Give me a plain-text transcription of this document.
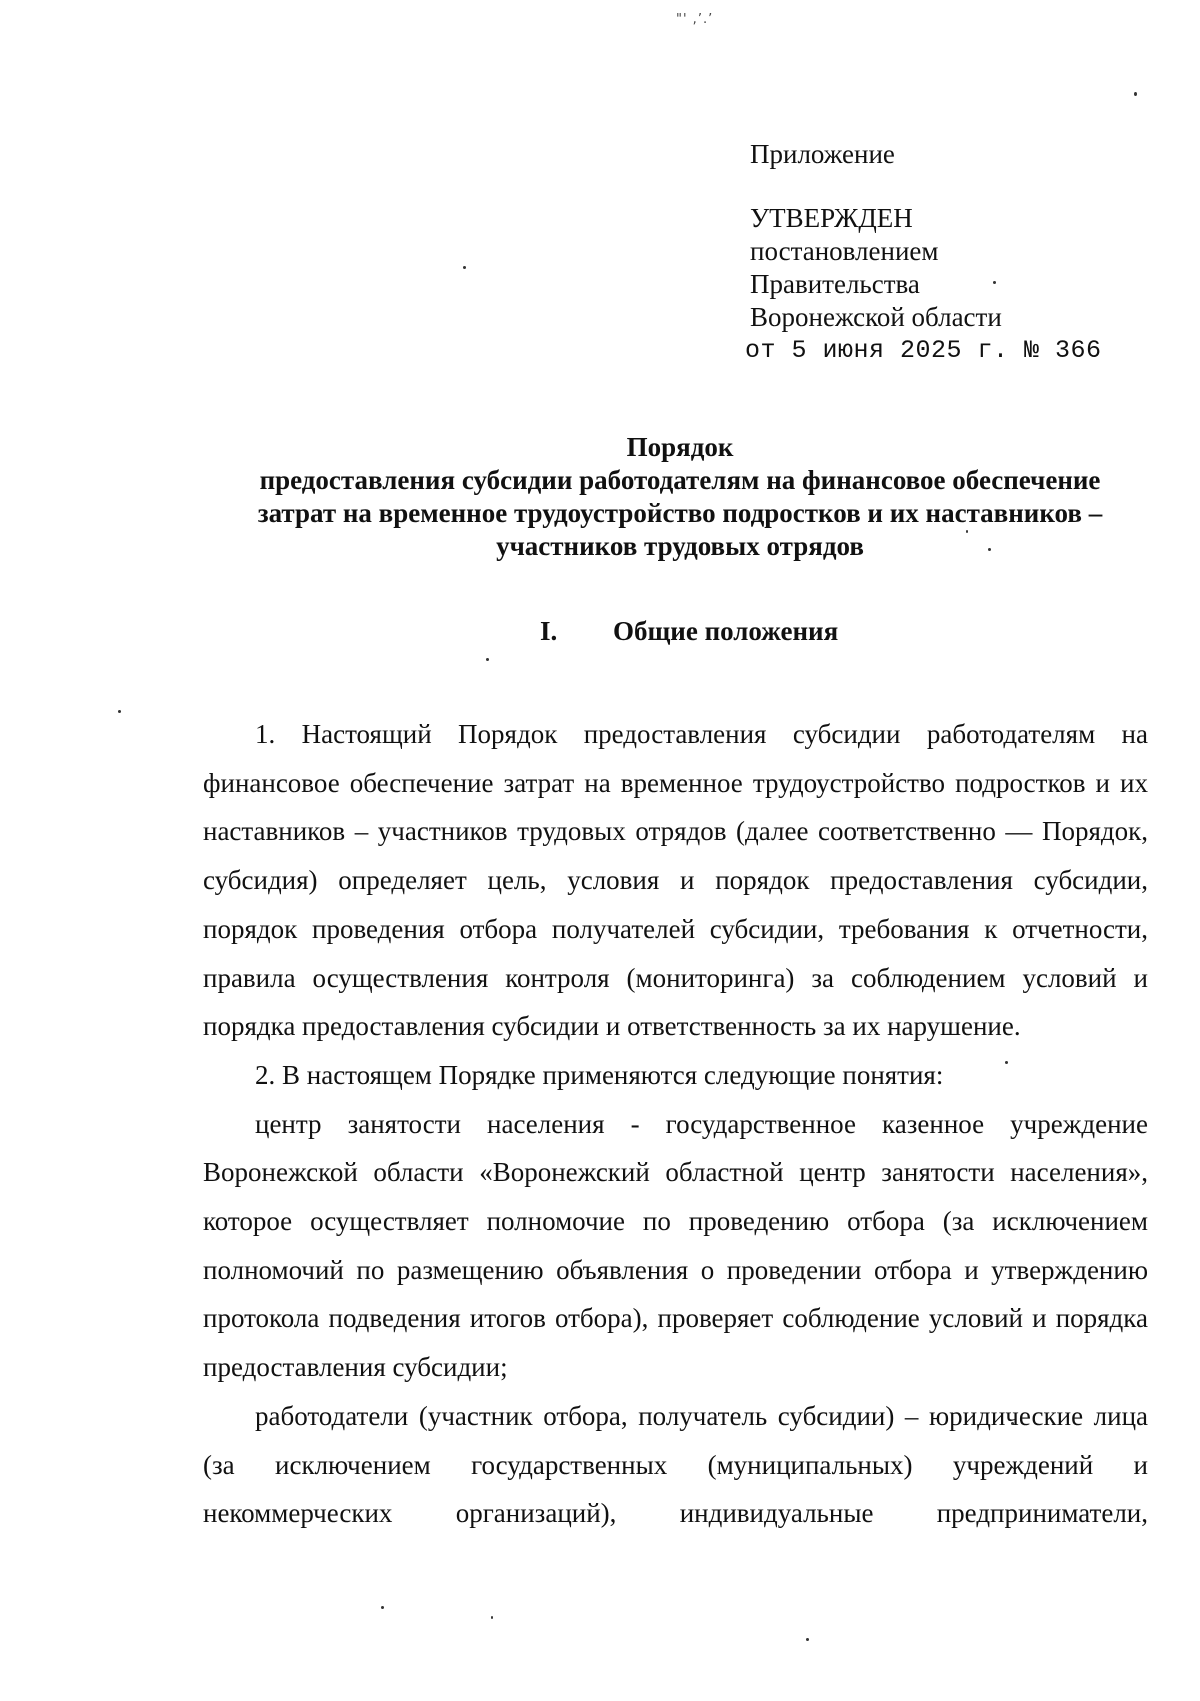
"' ,’.’
Приложение
УТВЕРЖДЕН
постановлением
Правительства
Воронежской области
от 5 июня 2025 г. № 366
Порядок
предоставления субсидии работодателям на финансовое обеспечение
затрат на временное трудоустройство подростков и их наставников –
участников трудовых отрядов
I. Общие положения

1. Настоящий Порядок предоставления субсидии работодателям на финансовое обеспечение затрат на временное трудоустройство подростков и их наставников – участников трудовых отрядов (далее соответственно — Порядок, субсидия) определяет цель, условия и порядок предоставления субсидии, порядок проведения отбора получателей субсидии, требования к отчетности, правила осуществления контроля (мониторинга) за соблюдением условий и порядка предоставления субсидии и ответственность за их нарушение.

2. В настоящем Порядке применяются следующие понятия:

центр занятости населения - государственное казенное учреждение Воронежской области «Воронежский областной центр занятости населения», которое осуществляет полномочие по проведению отбора (за исключением полномочий по размещению объявления о проведении отбора и утверждению протокола подведения итогов отбора), проверяет соблюдение условий и порядка предоставления субсидии;

работодатели (участник отбора, получатель субсидии) – юридические лица (за исключением государственных (муниципальных) учреждений и некоммерческих организаций), индивидуальные предприниматели,
